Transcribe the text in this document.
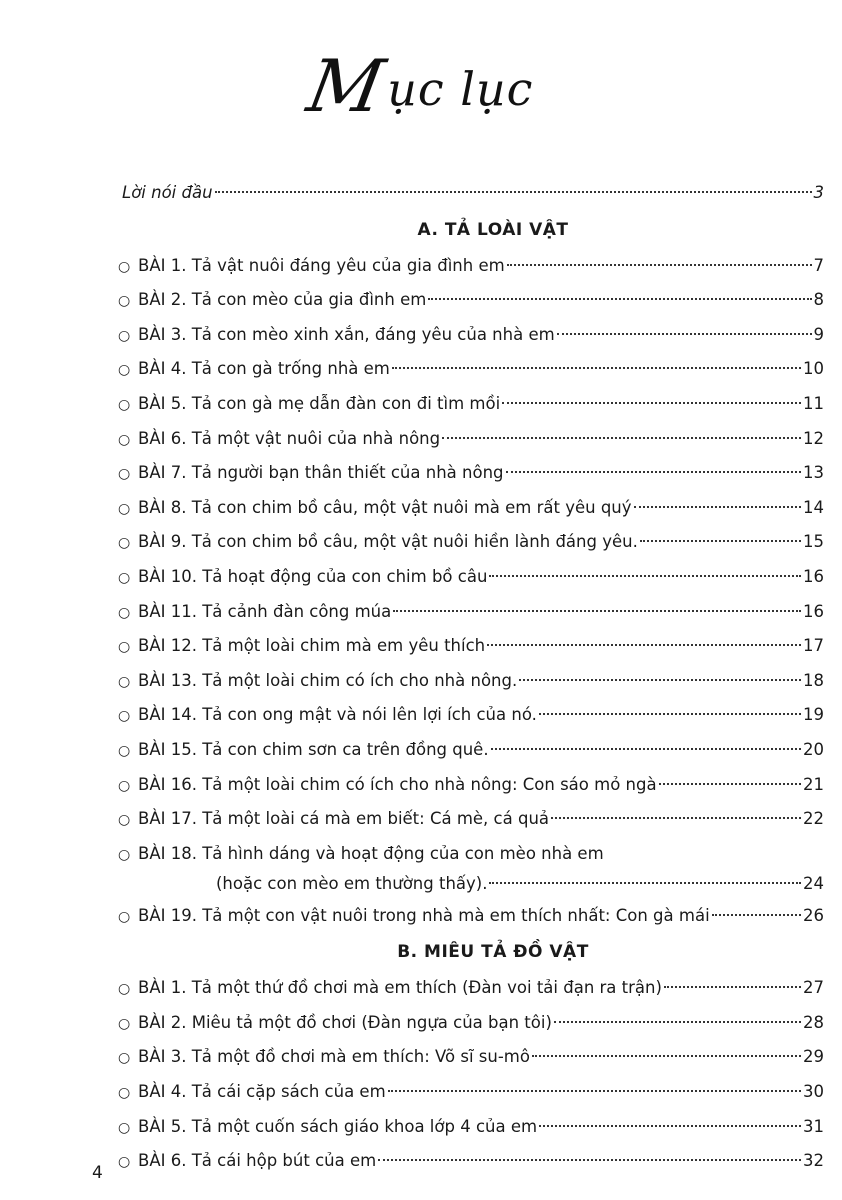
Mục lục
Lời nói đầu	3
A. TẢ LOÀI VẬT
○ BÀI 1. Tả vật nuôi đáng yêu của gia đình em	7
○ BÀI 2. Tả con mèo của gia đình em	8
○ BÀI 3. Tả con mèo xinh xắn, đáng yêu của nhà em	9
○ BÀI 4. Tả con gà trống nhà em	10
○ BÀI 5. Tả con gà mẹ dẫn đàn con đi tìm mồi	11
○ BÀI 6. Tả một vật nuôi của nhà nông	12
○ BÀI 7. Tả người bạn thân thiết của nhà nông	13
○ BÀI 8. Tả con chim bồ câu, một vật nuôi mà em rất yêu quý	14
○ BÀI 9. Tả con chim bồ câu, một vật nuôi hiền lành đáng yêu.	15
○ BÀI 10. Tả hoạt động của con chim bồ câu	16
○ BÀI 11. Tả cảnh đàn công múa	16
○ BÀI 12. Tả một loài chim mà em yêu thích	17
○ BÀI 13. Tả một loài chim có ích cho nhà nông.	18
○ BÀI 14. Tả con ong mật và nói lên lợi ích của nó.	19
○ BÀI 15. Tả con chim sơn ca trên đồng quê.	20
○ BÀI 16. Tả một loài chim có ích cho nhà nông: Con sáo mỏ ngà	21
○ BÀI 17. Tả một loài cá mà em biết: Cá mè, cá quả	22
○ BÀI 18. Tả hình dáng và hoạt động của con mèo nhà em
(hoặc con mèo em thường thấy).	24
○ BÀI 19. Tả một con vật nuôi trong nhà mà em thích nhất: Con gà mái	26
B. MIÊU TẢ ĐỒ VẬT
○ BÀI 1. Tả một thứ đồ chơi mà em thích (Đàn voi tải đạn ra trận)	27
○ BÀI 2. Miêu tả một đồ chơi (Đàn ngựa của bạn tôi)	28
○ BÀI 3. Tả một đồ chơi mà em thích: Võ sĩ su-mô	29
○ BÀI 4. Tả cái cặp sách của em	30
○ BÀI 5. Tả một cuốn sách giáo khoa lớp 4 của em	31
○ BÀI 6. Tả cái hộp bút của em	32
4
